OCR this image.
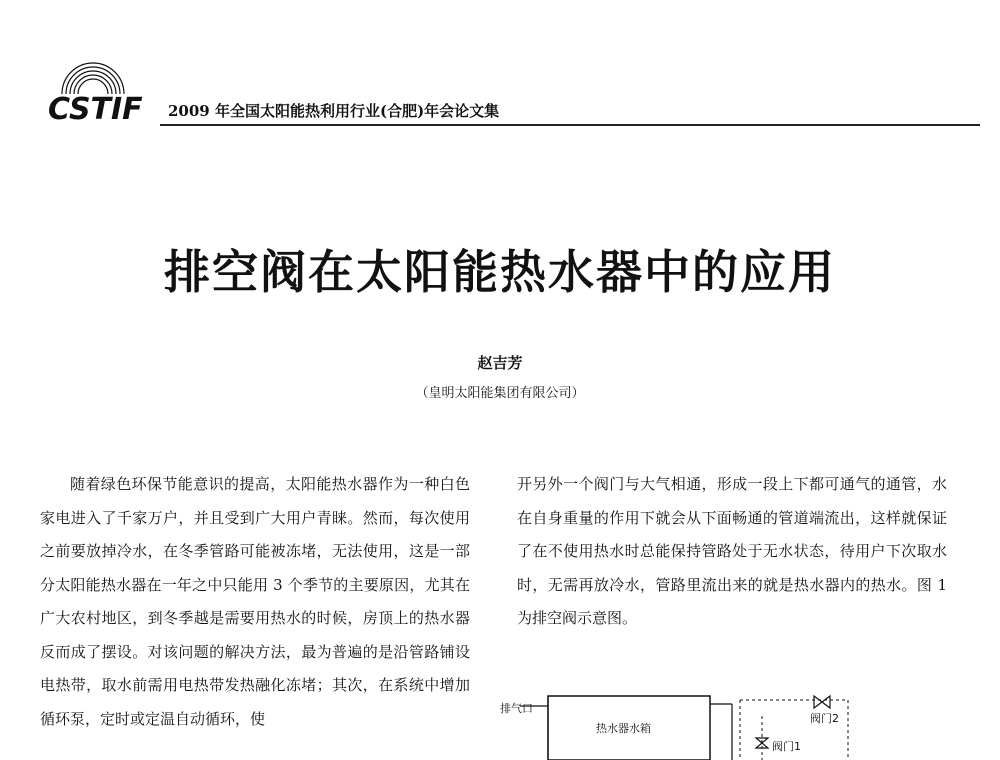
CSTIF 2009 年全国太阳能热利用行业(合肥)年会论文集
排空阀在太阳能热水器中的应用
赵吉芳
（皇明太阳能集团有限公司）

随着绿色环保节能意识的提高，太阳能热水器作为一种白色家电进入了千家万户，并且受到广大用户青睐。然而，每次使用之前要放掉冷水，在冬季管路可能被冻堵，无法使用，这是一部分太阳能热水器在一年之中只能用 3 个季节的主要原因，尤其在广大农村地区，到冬季越是需要用热水的时候，房顶上的热水器反而成了摆设。对该问题的解决方法，最为普遍的是沿管路铺设电热带，取水前需用电热带发热融化冻堵；其次，在系统中增加循环泵，定时或定温自动循环，使

开另外一个阀门与大气相通，形成一段上下都可通气的通管，水在自身重量的作用下就会从下面畅通的管道端流出，这样就保证了在不使用热水时总能保持管路处于无水状态，待用户下次取水时，无需再放冷水，管路里流出来的就是热水器内的热水。图 1 为排空阀示意图。

排气口
热水器水箱
阀门2
阀门1
